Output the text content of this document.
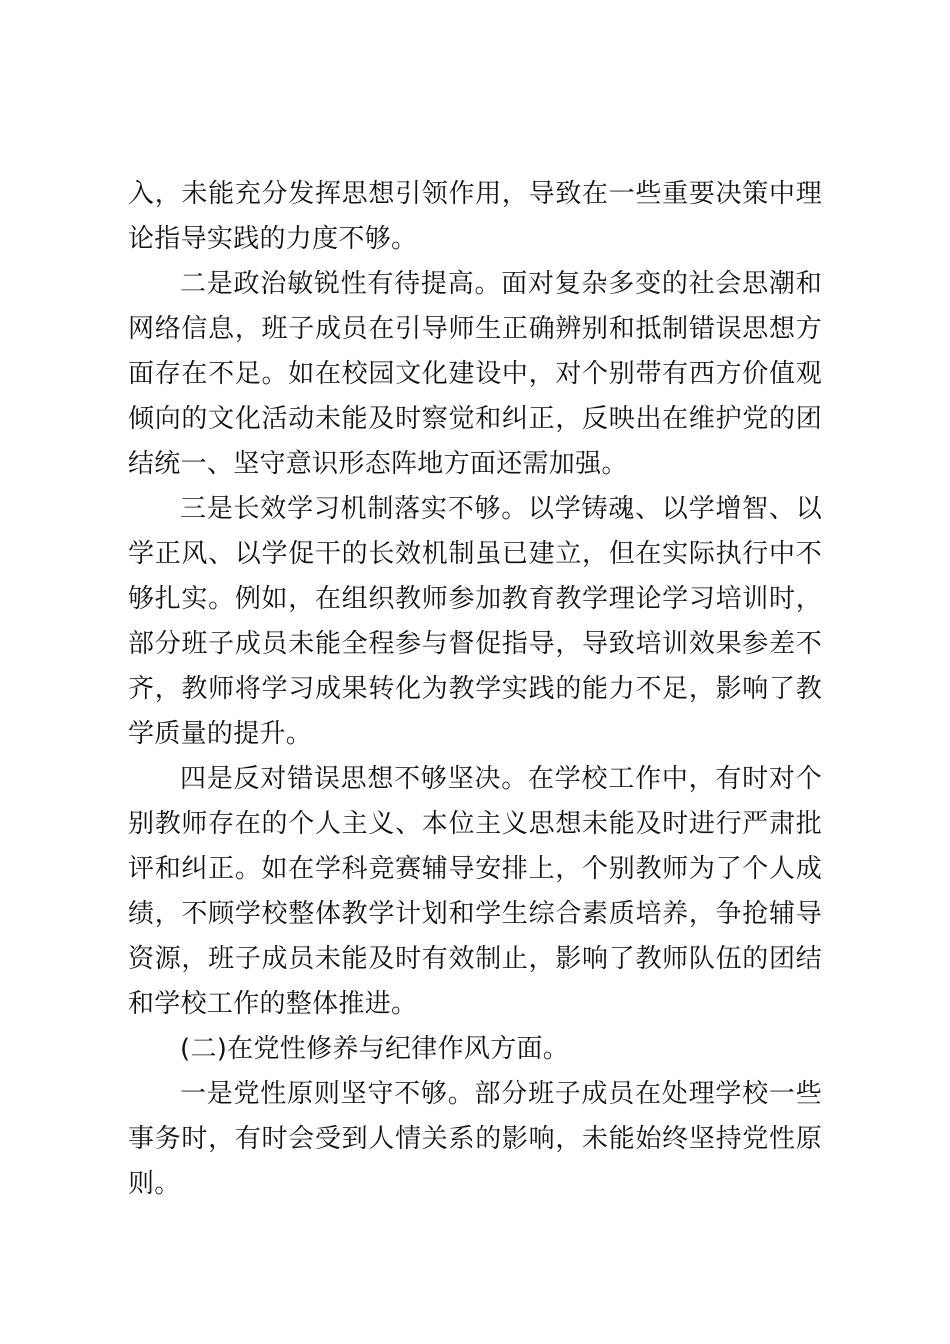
入，未能充分发挥思想引领作用，导致在一些重要决策中理论指导实践的力度不够。

二是政治敏锐性有待提高。面对复杂多变的社会思潮和网络信息，班子成员在引导师生正确辨别和抵制错误思想方面存在不足。如在校园文化建设中，对个别带有西方价值观倾向的文化活动未能及时察觉和纠正，反映出在维护党的团结统一、坚守意识形态阵地方面还需加强。

三是长效学习机制落实不够。以学铸魂、以学增智、以学正风、以学促干的长效机制虽已建立，但在实际执行中不够扎实。例如，在组织教师参加教育教学理论学习培训时，部分班子成员未能全程参与督促指导，导致培训效果参差不齐，教师将学习成果转化为教学实践的能力不足，影响了教学质量的提升。

四是反对错误思想不够坚决。在学校工作中，有时对个别教师存在的个人主义、本位主义思想未能及时进行严肃批评和纠正。如在学科竞赛辅导安排上，个别教师为了个人成绩，不顾学校整体教学计划和学生综合素质培养，争抢辅导资源，班子成员未能及时有效制止，影响了教师队伍的团结和学校工作的整体推进。

(二)在党性修养与纪律作风方面。

一是党性原则坚守不够。部分班子成员在处理学校一些事务时，有时会受到人情关系的影响，未能始终坚持党性原则。
